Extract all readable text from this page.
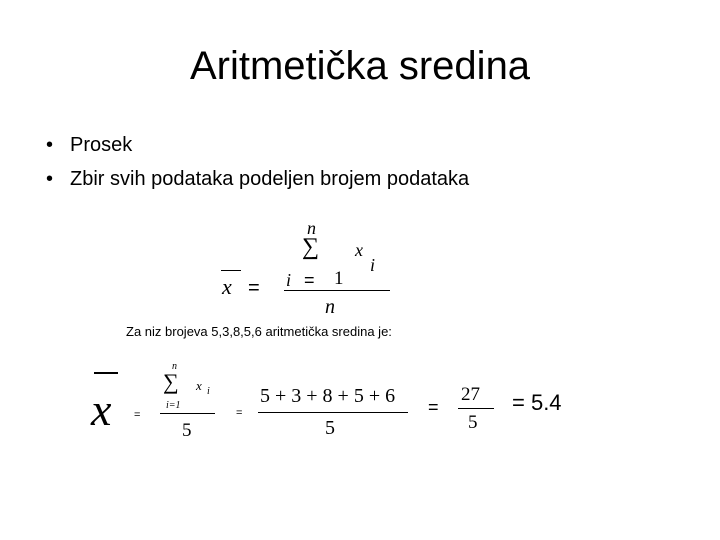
Aritmetička sredina
• Prosek
• Zbir svih podataka podeljen brojem podataka
x =
n
∑ x
i
i = 1
n
Za niz brojeva 5,3,8,5,6 aritmetička sredina je:
x =
n
∑ x i
i=1
5
=
5 + 3 + 8 + 5 + 6
5
=
27
5
= 5.4
